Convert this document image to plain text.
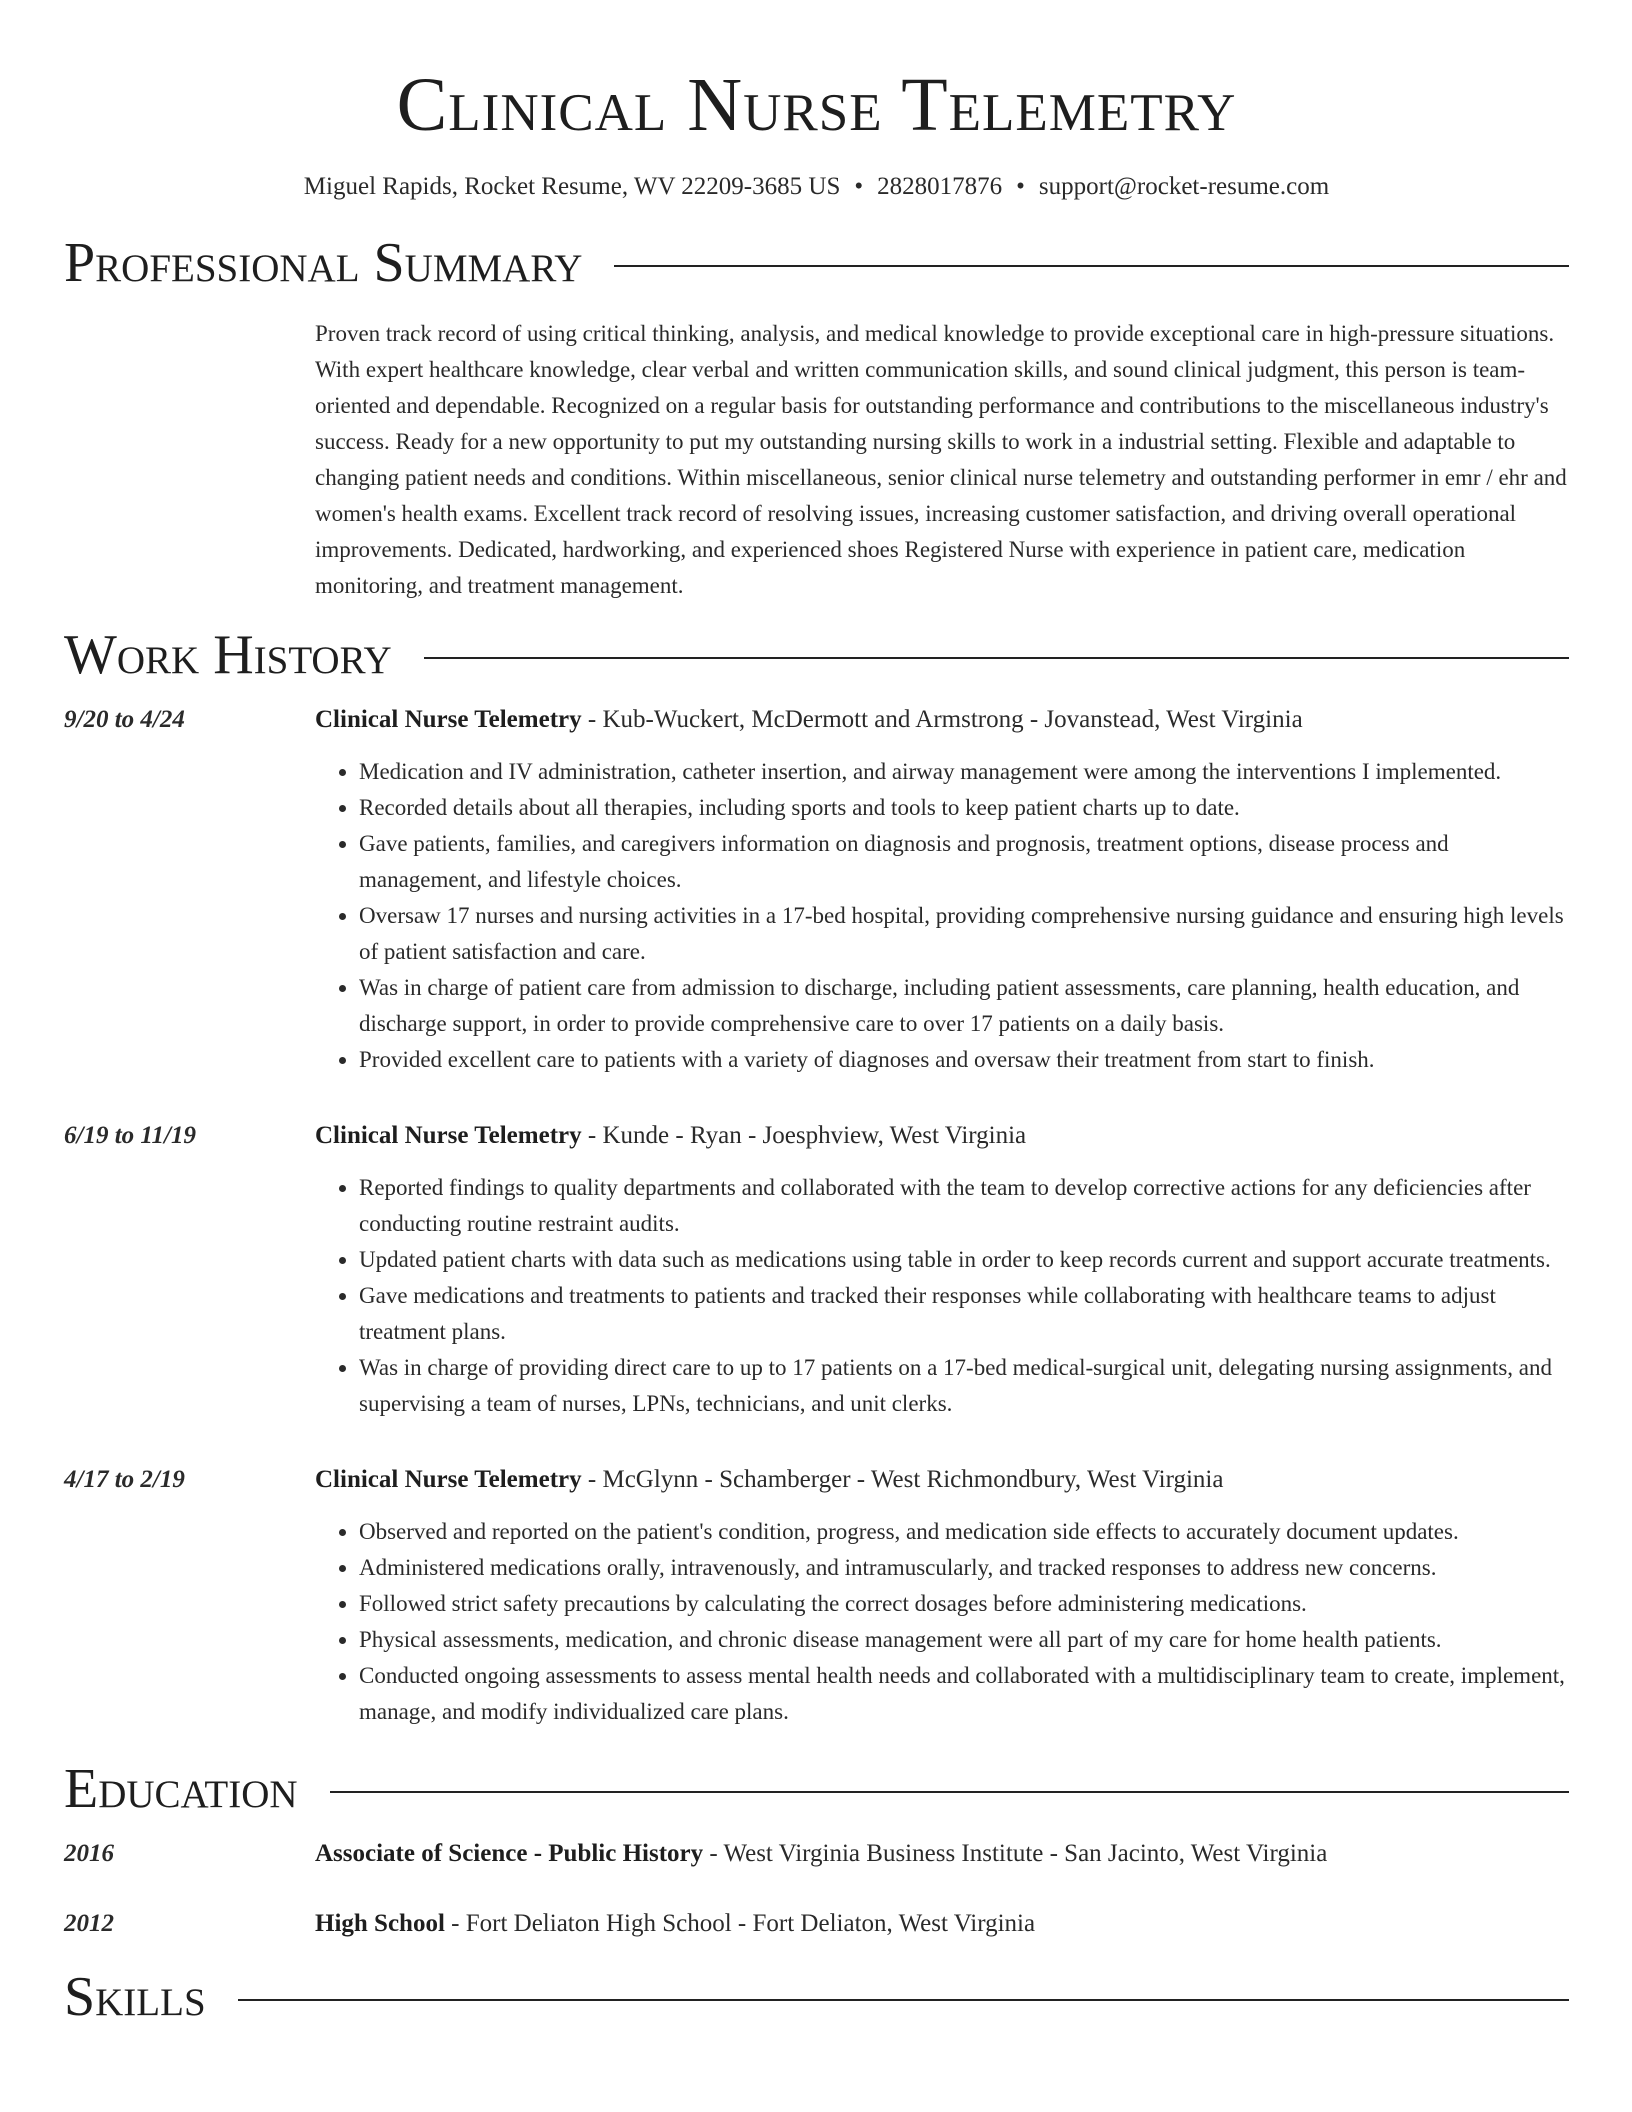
Clinical Nurse Telemetry
Miguel Rapids, Rocket Resume, WV 22209-3685 US • 2828017876 • support@rocket-resume.com
Professional Summary
Proven track record of using critical thinking, analysis, and medical knowledge to provide exceptional care in high-pressure situations. With expert healthcare knowledge, clear verbal and written communication skills, and sound clinical judgment, this person is team-oriented and dependable. Recognized on a regular basis for outstanding performance and contributions to the miscellaneous industry's success. Ready for a new opportunity to put my outstanding nursing skills to work in a industrial setting. Flexible and adaptable to changing patient needs and conditions. Within miscellaneous, senior clinical nurse telemetry and outstanding performer in emr / ehr and women's health exams. Excellent track record of resolving issues, increasing customer satisfaction, and driving overall operational improvements. Dedicated, hardworking, and experienced shoes Registered Nurse with experience in patient care, medication monitoring, and treatment management.
Work History
9/20 to 4/24	Clinical Nurse Telemetry - Kub-Wuckert, McDermott and Armstrong - Jovanstead, West Virginia
• Medication and IV administration, catheter insertion, and airway management were among the interventions I implemented.
• Recorded details about all therapies, including sports and tools to keep patient charts up to date.
• Gave patients, families, and caregivers information on diagnosis and prognosis, treatment options, disease process and management, and lifestyle choices.
• Oversaw 17 nurses and nursing activities in a 17-bed hospital, providing comprehensive nursing guidance and ensuring high levels of patient satisfaction and care.
• Was in charge of patient care from admission to discharge, including patient assessments, care planning, health education, and discharge support, in order to provide comprehensive care to over 17 patients on a daily basis.
• Provided excellent care to patients with a variety of diagnoses and oversaw their treatment from start to finish.
6/19 to 11/19	Clinical Nurse Telemetry - Kunde - Ryan - Joesphview, West Virginia
• Reported findings to quality departments and collaborated with the team to develop corrective actions for any deficiencies after conducting routine restraint audits.
• Updated patient charts with data such as medications using table in order to keep records current and support accurate treatments.
• Gave medications and treatments to patients and tracked their responses while collaborating with healthcare teams to adjust treatment plans.
• Was in charge of providing direct care to up to 17 patients on a 17-bed medical-surgical unit, delegating nursing assignments, and supervising a team of nurses, LPNs, technicians, and unit clerks.
4/17 to 2/19	Clinical Nurse Telemetry - McGlynn - Schamberger - West Richmondbury, West Virginia
• Observed and reported on the patient's condition, progress, and medication side effects to accurately document updates.
• Administered medications orally, intravenously, and intramuscularly, and tracked responses to address new concerns.
• Followed strict safety precautions by calculating the correct dosages before administering medications.
• Physical assessments, medication, and chronic disease management were all part of my care for home health patients.
• Conducted ongoing assessments to assess mental health needs and collaborated with a multidisciplinary team to create, implement, manage, and modify individualized care plans.
Education
2016	Associate of Science - Public History - West Virginia Business Institute - San Jacinto, West Virginia
2012	High School - Fort Deliaton High School - Fort Deliaton, West Virginia
Skills
